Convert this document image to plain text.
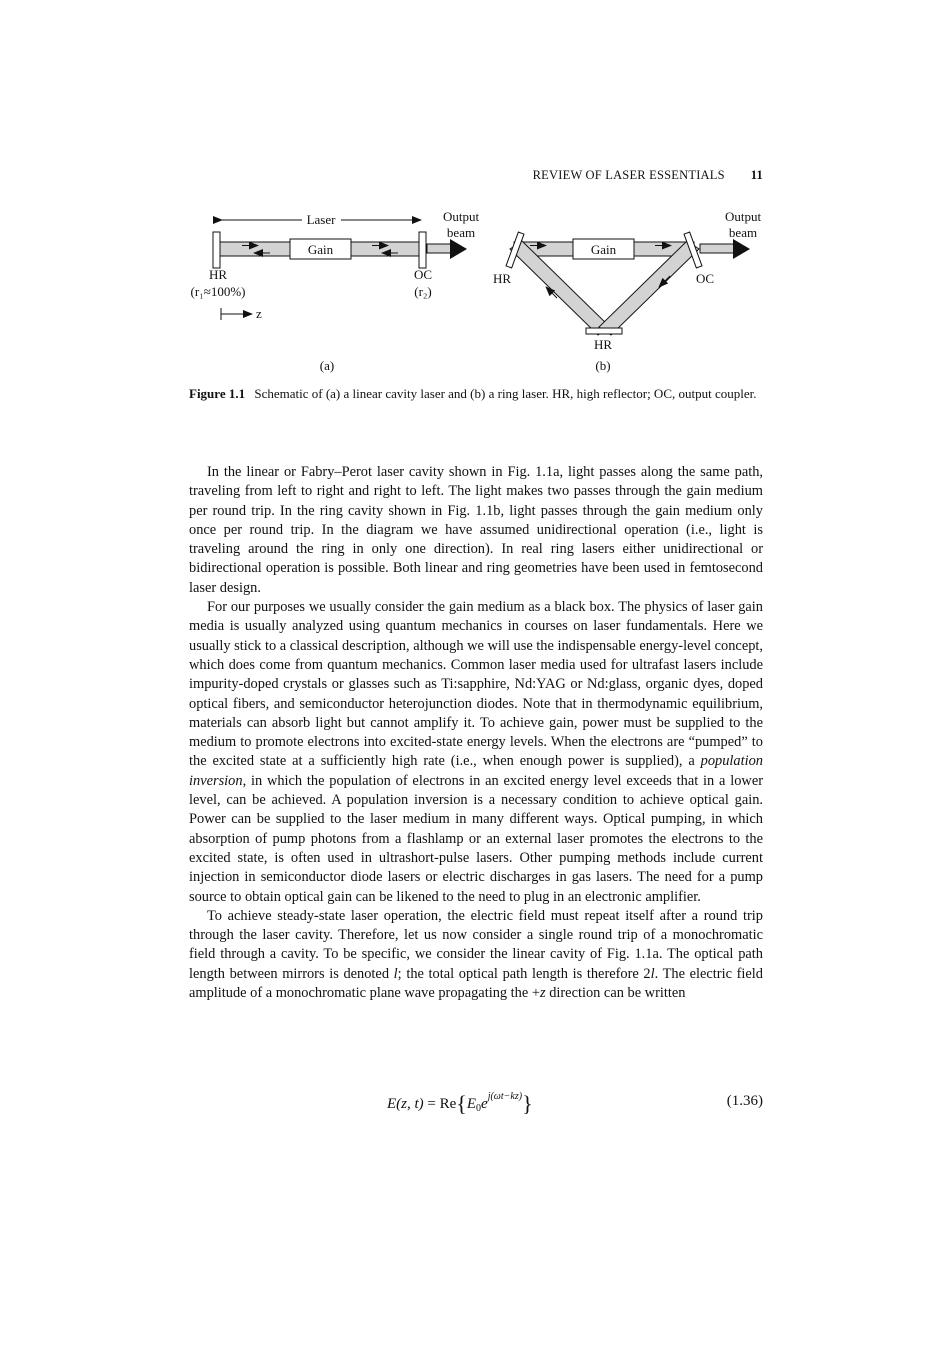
REVIEW OF LASER ESSENTIALS 11
Laser
Gain
Output
beam
HR
(r₁≈100%)
OC
(r₂)
z
(a)
Gain
Output
beam
HR	OC
HR
(b)
Figure 1.1 Schematic of (a) a linear cavity laser and (b) a ring laser. HR, high reflector; OC, output coupler.

In the linear or Fabry–Perot laser cavity shown in Fig. 1.1a, light passes along the same path, traveling from left to right and right to left. The light makes two passes through the gain medium per round trip. In the ring cavity shown in Fig. 1.1b, light passes through the gain medium only once per round trip. In the diagram we have assumed unidirectional operation (i.e., light is traveling around the ring in only one direction). In real ring lasers either unidirectional or bidirectional operation is possible. Both linear and ring geometries have been used in femtosecond laser design.

For our purposes we usually consider the gain medium as a black box. The physics of laser gain media is usually analyzed using quantum mechanics in courses on laser fundamentals. Here we usually stick to a classical description, although we will use the indispensable energy-level concept, which does come from quantum mechanics. Common laser media used for ultrafast lasers include impurity-doped crystals or glasses such as Ti:sapphire, Nd:YAG or Nd:glass, organic dyes, doped optical fibers, and semiconductor heterojunction diodes. Note that in thermodynamic equilibrium, materials can absorb light but cannot amplify it. To achieve gain, power must be supplied to the medium to promote electrons into excited-state energy levels. When the electrons are “pumped” to the excited state at a sufficiently high rate (i.e., when enough power is supplied), a population inversion, in which the population of electrons in an excited energy level exceeds that in a lower level, can be achieved. A population inversion is a necessary condition to achieve optical gain. Power can be supplied to the laser medium in many different ways. Optical pumping, in which absorption of pump photons from a flashlamp or an external laser promotes the electrons to the excited state, is often used in ultrashort-pulse lasers. Other pumping methods include current injection in semiconductor diode lasers or electric discharges in gas lasers. The need for a pump source to obtain optical gain can be likened to the need to plug in an electronic amplifier.

To achieve steady-state laser operation, the electric field must repeat itself after a round trip through the laser cavity. Therefore, let us now consider a single round trip of a monochromatic field through a cavity. To be specific, we consider the linear cavity of Fig. 1.1a. The optical path length between mirrors is denoted l; the total optical path length is therefore 2l. The electric field amplitude of a monochromatic plane wave propagating the +z direction can be written

E(z, $t) = Re\{E_0e^{j(\omega t-kz)}\}$	(1.36)
